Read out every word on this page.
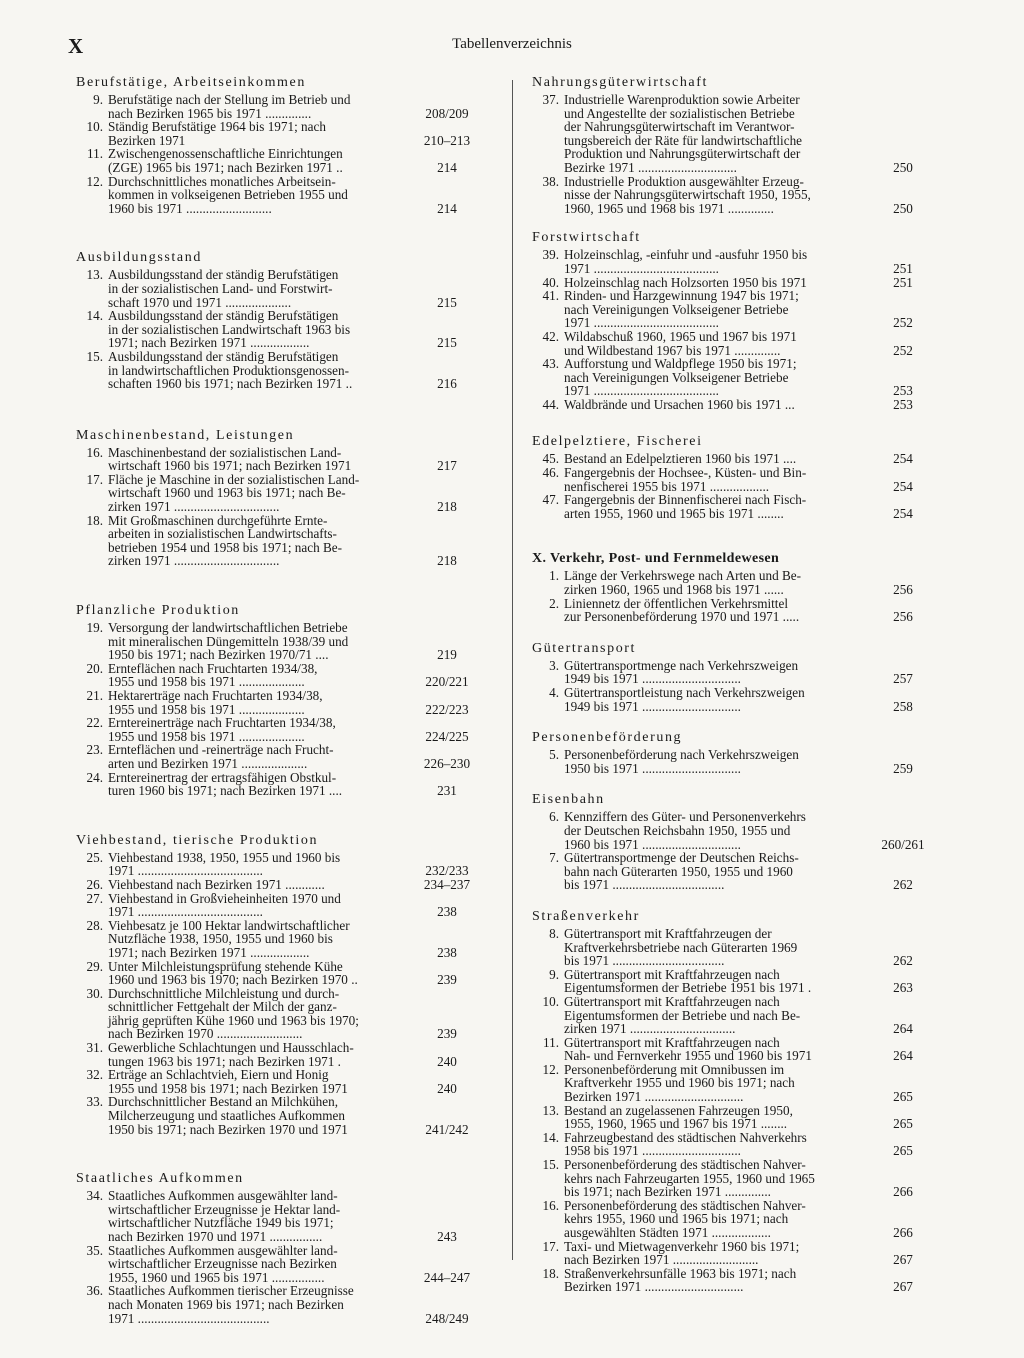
X	Tabellenverzeichnis
Berufstätige, Arbeitseinkommen
9. Berufstätige nach der Stellung im Betrieb und
nach Bezirken 1965 bis 1971 ..............	208/209
10. Ständig Berufstätige 1964 bis 1971; nach
Bezirken 1971	210–213
11. Zwischengenossenschaftliche Einrichtungen
(ZGE) 1965 bis 1971; nach Bezirken 1971 ..	214
12. Durchschnittliches monatliches Arbeitsein-
kommen in volkseigenen Betrieben 1955 und
1960 bis 1971 ..........................	214
Ausbildungsstand
13. Ausbildungsstand der ständig Berufstätigen
in der sozialistischen Land- und Forstwirt-
schaft 1970 und 1971 ....................	215
14. Ausbildungsstand der ständig Berufstätigen
in der sozialistischen Landwirtschaft 1963 bis
1971; nach Bezirken 1971 ..................	215
15. Ausbildungsstand der ständig Berufstätigen
in landwirtschaftlichen Produktionsgenossen-
schaften 1960 bis 1971; nach Bezirken 1971 ..	216
Maschinenbestand, Leistungen
16. Maschinenbestand der sozialistischen Land-
wirtschaft 1960 bis 1971; nach Bezirken 1971	217
17. Fläche je Maschine in der sozialistischen Land-
wirtschaft 1960 und 1963 bis 1971; nach Be-
zirken 1971 ................................	218
18. Mit Großmaschinen durchgeführte Ernte-
arbeiten in sozialistischen Landwirtschafts-
betrieben 1954 und 1958 bis 1971; nach Be-
zirken 1971 ................................	218
Pflanzliche Produktion
19. Versorgung der landwirtschaftlichen Betriebe
mit mineralischen Düngemitteln 1938/39 und
1950 bis 1971; nach Bezirken 1970/71 ....	219
20. Ernteflächen nach Fruchtarten 1934/38,
1955 und 1958 bis 1971 ....................	220/221
21. Hektarerträge nach Fruchtarten 1934/38,
1955 und 1958 bis 1971 ....................	222/223
22. Erntereinerträge nach Fruchtarten 1934/38,
1955 und 1958 bis 1971 ....................	224/225
23. Ernteflächen und -reinerträge nach Frucht-
arten und Bezirken 1971 ....................	226–230
24. Erntereinertrag der ertragsfähigen Obstkul-
turen 1960 bis 1971; nach Bezirken 1971 ....	231
Viehbestand, tierische Produktion
25. Viehbestand 1938, 1950, 1955 und 1960 bis
1971 ......................................	232/233
26. Viehbestand nach Bezirken 1971 ............	234–237
27. Viehbestand in Großvieheinheiten 1970 und
1971 ......................................	238
28. Viehbesatz je 100 Hektar landwirtschaftlicher
Nutzfläche 1938, 1950, 1955 und 1960 bis
1971; nach Bezirken 1971 ..................	238
29. Unter Milchleistungsprüfung stehende Kühe
1960 und 1963 bis 1970; nach Bezirken 1970 ..	239
30. Durchschnittliche Milchleistung und durch-
schnittlicher Fettgehalt der Milch der ganz-
jährig geprüften Kühe 1960 und 1963 bis 1970;
nach Bezirken 1970 ..........................	239
31. Gewerbliche Schlachtungen und Hausschlach-
tungen 1963 bis 1971; nach Bezirken 1971 .	240
32. Erträge an Schlachtvieh, Eiern und Honig
1955 und 1958 bis 1971; nach Bezirken 1971	240
33. Durchschnittlicher Bestand an Milchkühen,
Milcherzeugung und staatliches Aufkommen
1950 bis 1971; nach Bezirken 1970 und 1971	241/242
Staatliches Aufkommen
34. Staatliches Aufkommen ausgewählter land-
wirtschaftlicher Erzeugnisse je Hektar land-
wirtschaftlicher Nutzfläche 1949 bis 1971;
nach Bezirken 1970 und 1971 ................	243
35. Staatliches Aufkommen ausgewählter land-
wirtschaftlicher Erzeugnisse nach Bezirken
1955, 1960 und 1965 bis 1971 ................	244–247
36. Staatliches Aufkommen tierischer Erzeugnisse
nach Monaten 1969 bis 1971; nach Bezirken
1971 ........................................	248/249
Nahrungsgüterwirtschaft
37. Industrielle Warenproduktion sowie Arbeiter
und Angestellte der sozialistischen Betriebe
der Nahrungsgüterwirtschaft im Verantwor-
tungsbereich der Räte für landwirtschaftliche
Produktion und Nahrungsgüterwirtschaft der
Bezirke 1971 ..............................	250
38. Industrielle Produktion ausgewählter Erzeug-
nisse der Nahrungsgüterwirtschaft 1950, 1955,
1960, 1965 und 1968 bis 1971 ..............	250
Forstwirtschaft
39. Holzeinschlag, -einfuhr und -ausfuhr 1950 bis
1971 ......................................	251
40. Holzeinschlag nach Holzsorten 1950 bis 1971	251
41. Rinden- und Harzgewinnung 1947 bis 1971;
nach Vereinigungen Volkseigener Betriebe
1971 ......................................	252
42. Wildabschuß 1960, 1965 und 1967 bis 1971
und Wildbestand 1967 bis 1971 ..............	252
43. Aufforstung und Waldpflege 1950 bis 1971;
nach Vereinigungen Volkseigener Betriebe
1971 ......................................	253
44. Waldbrände und Ursachen 1960 bis 1971 ...	253
Edelpelztiere, Fischerei
45. Bestand an Edelpelztieren 1960 bis 1971 ....	254
46. Fangergebnis der Hochsee-, Küsten- und Bin-
nenfischerei 1955 bis 1971 ..................	254
47. Fangergebnis der Binnenfischerei nach Fisch-
arten 1955, 1960 und 1965 bis 1971 ........	254
X. Verkehr, Post- und Fernmeldewesen
1. Länge der Verkehrswege nach Arten und Be-
zirken 1960, 1965 und 1968 bis 1971 ......	256
2. Liniennetz der öffentlichen Verkehrsmittel
zur Personenbeförderung 1970 und 1971 .....	256
Gütertransport
3. Gütertransportmenge nach Verkehrszweigen
1949 bis 1971 ..............................	257
4. Gütertransportleistung nach Verkehrszweigen
1949 bis 1971 ..............................	258
Personenbeförderung
5. Personenbeförderung nach Verkehrszweigen
1950 bis 1971 ..............................	259
Eisenbahn
6. Kennziffern des Güter- und Personenverkehrs
der Deutschen Reichsbahn 1950, 1955 und
1960 bis 1971 ..............................	260/261
7. Gütertransportmenge der Deutschen Reichs-
bahn nach Güterarten 1950, 1955 und 1960
bis 1971 ..................................	262
Straßenverkehr
8. Gütertransport mit Kraftfahrzeugen der
Kraftverkehrsbetriebe nach Güterarten 1969
bis 1971 ..................................	262
9. Gütertransport mit Kraftfahrzeugen nach
Eigentumsformen der Betriebe 1951 bis 1971 .	263
10. Gütertransport mit Kraftfahrzeugen nach
Eigentumsformen der Betriebe und nach Be-
zirken 1971 ................................	264
11. Gütertransport mit Kraftfahrzeugen nach
Nah- und Fernverkehr 1955 und 1960 bis 1971	264
12. Personenbeförderung mit Omnibussen im
Kraftverkehr 1955 und 1960 bis 1971; nach
Bezirken 1971 ..............................	265
13. Bestand an zugelassenen Fahrzeugen 1950,
1955, 1960, 1965 und 1967 bis 1971 ........	265
14. Fahrzeugbestand des städtischen Nahverkehrs
1958 bis 1971 ..............................	265
15. Personenbeförderung des städtischen Nahver-
kehrs nach Fahrzeugarten 1955, 1960 und 1965
bis 1971; nach Bezirken 1971 ..............	266
16. Personenbeförderung des städtischen Nahver-
kehrs 1955, 1960 und 1965 bis 1971; nach
ausgewählten Städten 1971 ..................	266
17. Taxi- und Mietwagenverkehr 1960 bis 1971;
nach Bezirken 1971 ..........................	267
18. Straßenverkehrsunfälle 1963 bis 1971; nach
Bezirken 1971 ..............................	267
